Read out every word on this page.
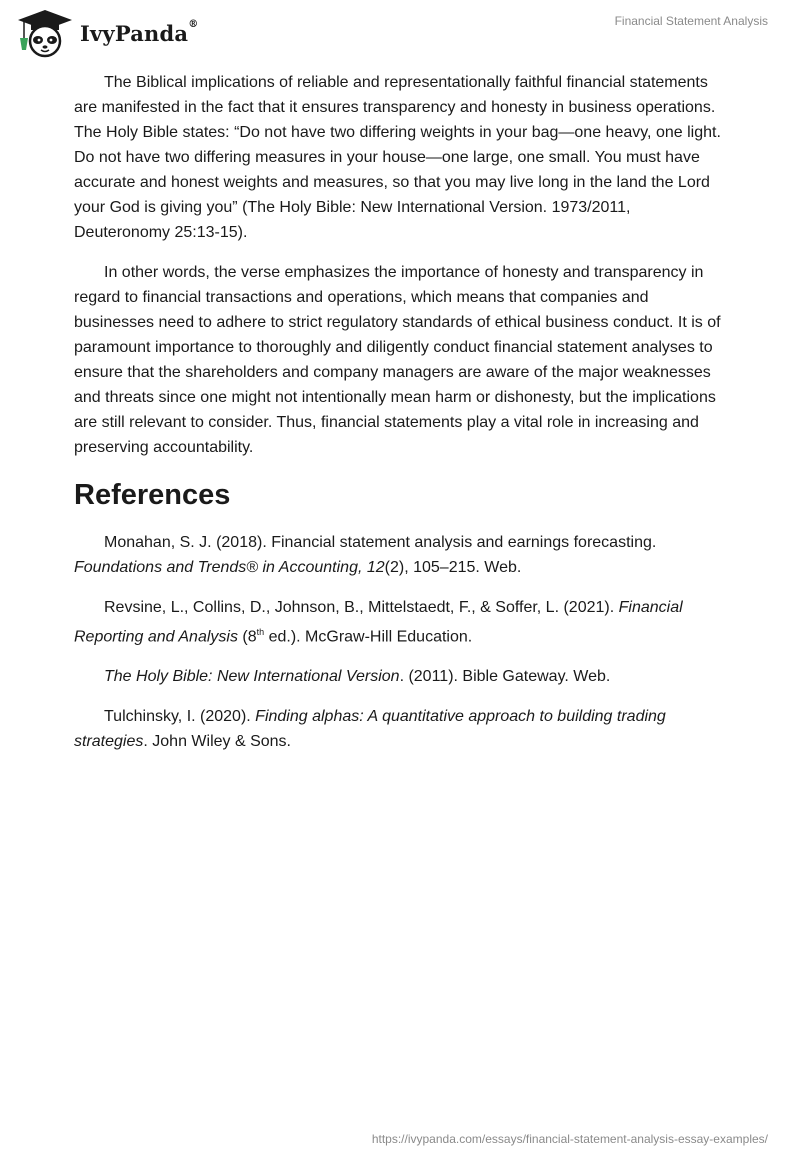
IvyPanda®	Financial Statement Analysis

The Biblical implications of reliable and representationally faithful financial statements are manifested in the fact that it ensures transparency and honesty in business operations. The Holy Bible states: “Do not have two differing weights in your bag—one heavy, one light. Do not have two differing measures in your house—one large, one small. You must have accurate and honest weights and measures, so that you may live long in the land the Lord your God is giving you” (The Holy Bible: New International Version. 1973/2011, Deuteronomy 25:13-15).

In other words, the verse emphasizes the importance of honesty and transparency in regard to financial transactions and operations, which means that companies and businesses need to adhere to strict regulatory standards of ethical business conduct. It is of paramount importance to thoroughly and diligently conduct financial statement analyses to ensure that the shareholders and company managers are aware of the major weaknesses and threats since one might not intentionally mean harm or dishonesty, but the implications are still relevant to consider. Thus, financial statements play a vital role in increasing and preserving accountability.

References

Monahan, S. J. (2018). Financial statement analysis and earnings forecasting. Foundations and Trends® in Accounting, 12(2), 105–215. Web.

Revsine, L., Collins, D., Johnson, B., Mittelstaedt, F., & Soffer, L. (2021). Financial Reporting and Analysis (8th ed.). McGraw-Hill Education.

The Holy Bible: New International Version. (2011). Bible Gateway. Web.

Tulchinsky, I. (2020). Finding alphas: A quantitative approach to building trading strategies. John Wiley & Sons.

https://ivypanda.com/essays/financial-statement-analysis-essay-examples/
